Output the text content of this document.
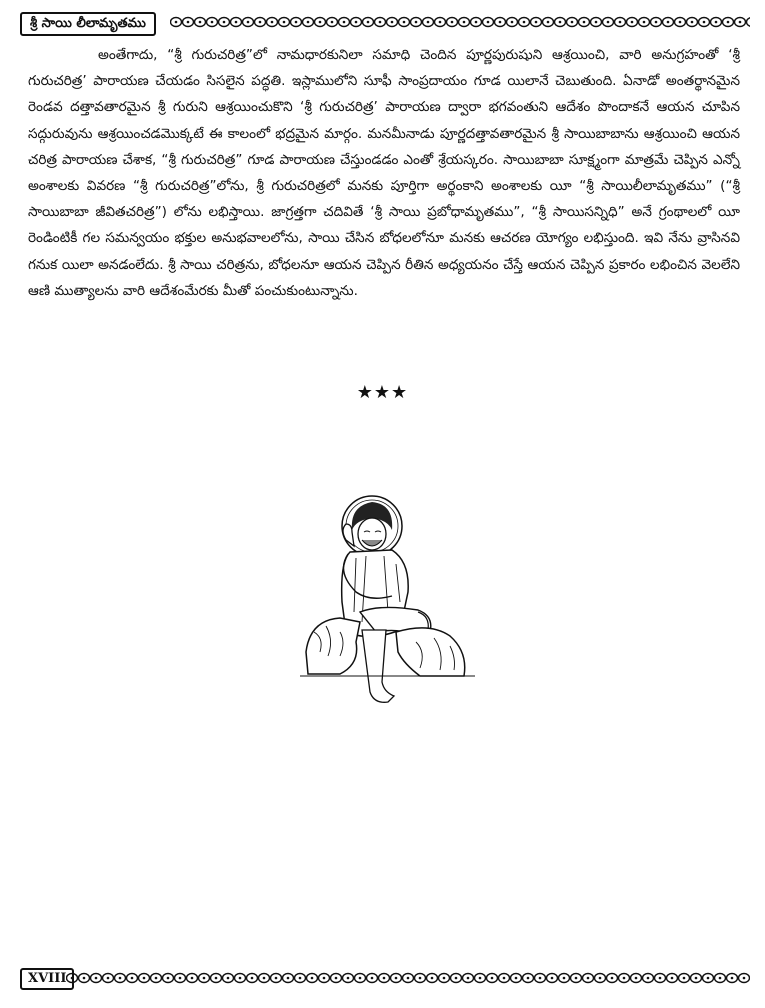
శ్రీ సాయి లీలామృతము

అంతేగాదు, “శ్రీ గురుచరిత్ర”లో నామధారకునిలా సమాధి చెందిన పూర్ణపురుషుని ఆశ్రయించి, వారి అనుగ్రహంతో ‘శ్రీ గురుచరిత్ర’ పారాయణ చేయడం సిసలైన పద్ధతి. ఇస్లాములోని సూఫీ సాంప్రదాయం గూడ యిలానే చెబుతుంది. ఏనాడో అంతర్థానమైన రెండవ దత్తావతారమైన శ్రీ గురుని ఆశ్రయించుకొని ‘శ్రీ గురుచరిత్ర’ పారాయణ ద్వారా భగవంతుని ఆదేశం పొందాకనే ఆయన చూపిన సద్గురువును ఆశ్రయించడమొక్కటే ఈ కాలంలో భద్రమైన మార్గం. మనమీనాడు పూర్ణదత్తావతారమైన శ్రీ సాయిబాబాను ఆశ్రయించి ఆయన చరిత్ర పారాయణ చేశాక, “శ్రీ గురుచరిత్ర” గూడ పారాయణ చేస్తుండడం ఎంతో శ్రేయస్కరం. సాయిబాబా సూక్ష్మంగా మాత్రమే చెప్పిన ఎన్నో అంశాలకు వివరణ “శ్రీ గురుచరిత్ర”లోను, శ్రీ గురుచరిత్రలో మనకు పూర్తిగా అర్థంకాని అంశాలకు యీ “శ్రీ సాయిలీలామృతము” (“శ్రీ సాయిబాబా జీవితచరిత్ర”) లోను లభిస్తాయి. జాగ్రత్తగా చదివితే ‘శ్రీ సాయి ప్రబోధామృతము”, “శ్రీ సాయిసన్నిధి” అనే గ్రంథాలలో యీ రెండింటికీ గల సమన్వయం భక్తుల అనుభవాలలోను, సాయి చేసిన బోధలలోనూ మనకు ఆచరణ యోగ్యం లభిస్తుంది. ఇవి నేను వ్రాసినవి గనుక యిలా అనడంలేదు. శ్రీ సాయి చరిత్రను, బోధలనూ ఆయన చెప్పిన రీతిన అధ్యయనం చేస్తే ఆయన చెప్పిన ప్రకారం లభించిన వెలలేని ఆణి ముత్యాలను వారి ఆదేశంమేరకు మీతో పంచుకుంటున్నాను.

★★★
XVIII
